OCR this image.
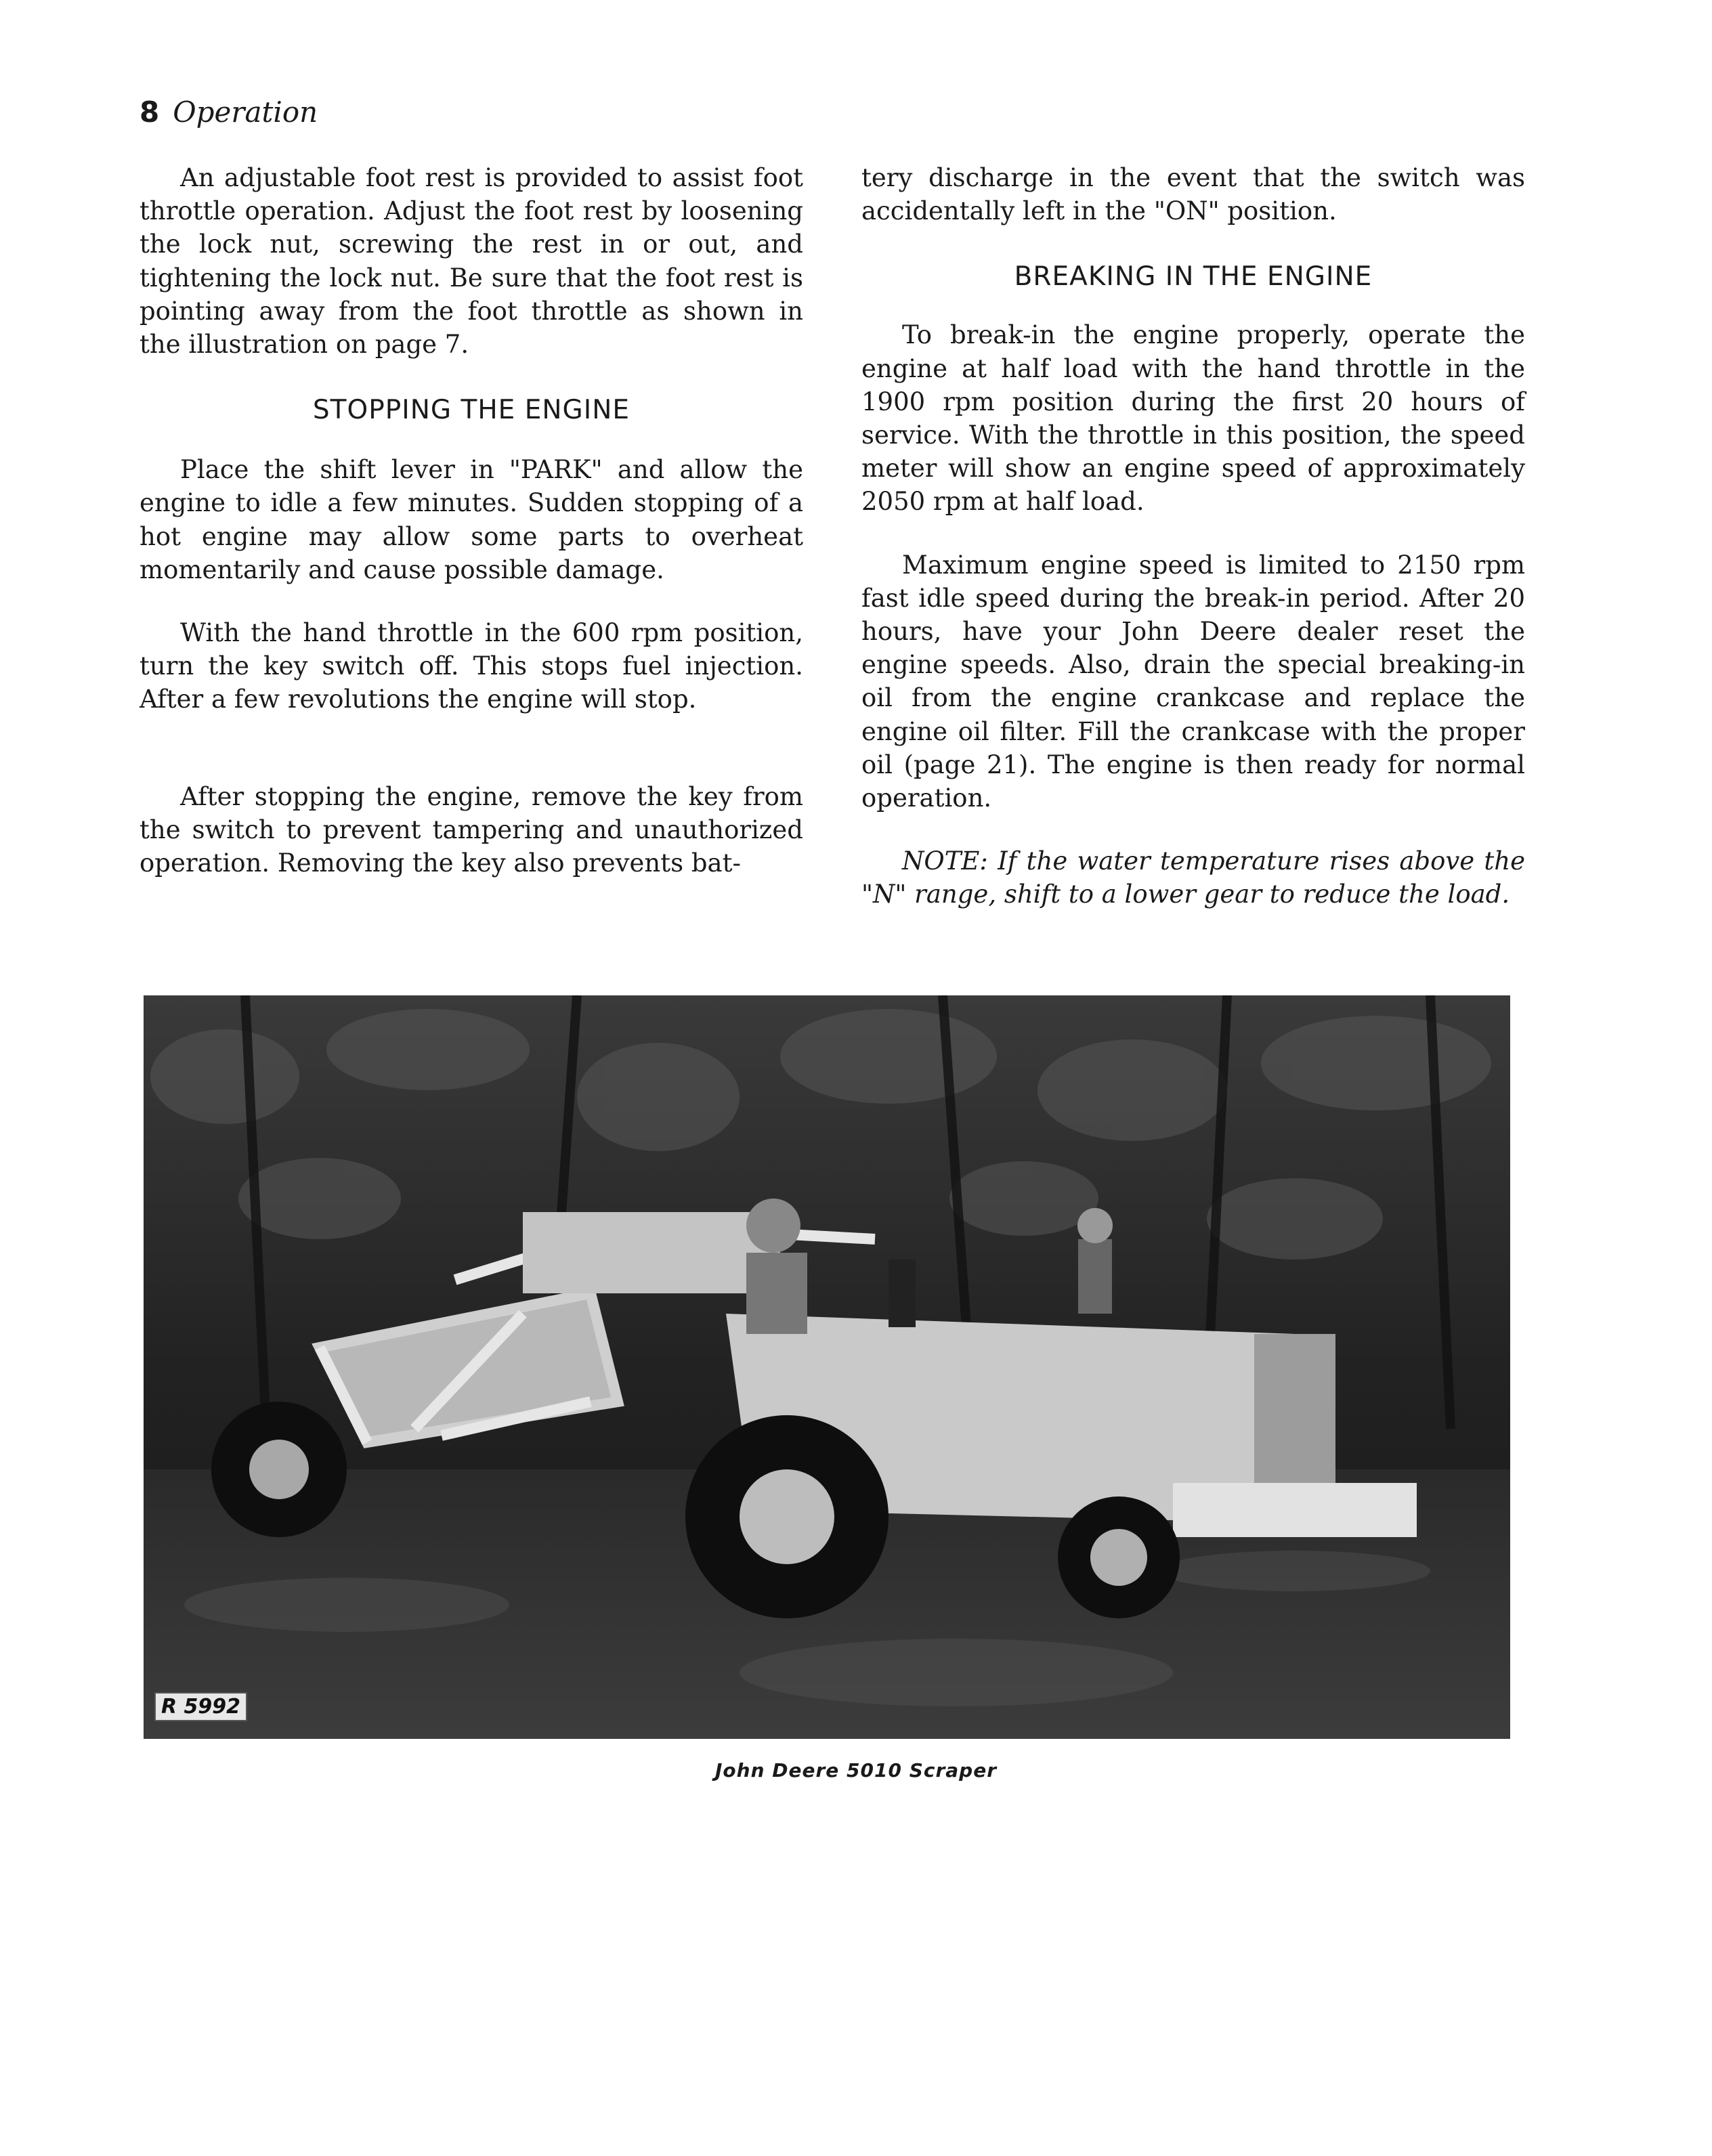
8 Operation

An adjustable foot rest is provided to assist foot throttle operation. Adjust the foot rest by loosening the lock nut, screwing the rest in or out, and tightening the lock nut. Be sure that the foot rest is pointing away from the foot throttle as shown in the illustration on page 7.

STOPPING THE ENGINE

Place the shift lever in "PARK" and allow the engine to idle a few minutes. Sudden stopping of a hot engine may allow some parts to overheat momentarily and cause possible damage.

With the hand throttle in the 600 rpm position, turn the key switch off. This stops fuel injection. After a few revolutions the engine will stop.

After stopping the engine, remove the key from the switch to prevent tampering and unauthorized operation. Removing the key also prevents bat-

tery discharge in the event that the switch was accidentally left in the "ON" position.

BREAKING IN THE ENGINE

To break-in the engine properly, operate the engine at half load with the hand throttle in the 1900 rpm position during the first 20 hours of service. With the throttle in this position, the speed meter will show an engine speed of approximately 2050 rpm at half load.

Maximum engine speed is limited to 2150 rpm fast idle speed during the break-in period. After 20 hours, have your John Deere dealer reset the engine speeds. Also, drain the special breaking-in oil from the engine crankcase and replace the engine oil filter. Fill the crankcase with the proper oil (page 21). The engine is then ready for normal operation.

NOTE: If the water temperature rises above the "N" range, shift to a lower gear to reduce the load.

R 5992
John Deere 5010 Scraper
